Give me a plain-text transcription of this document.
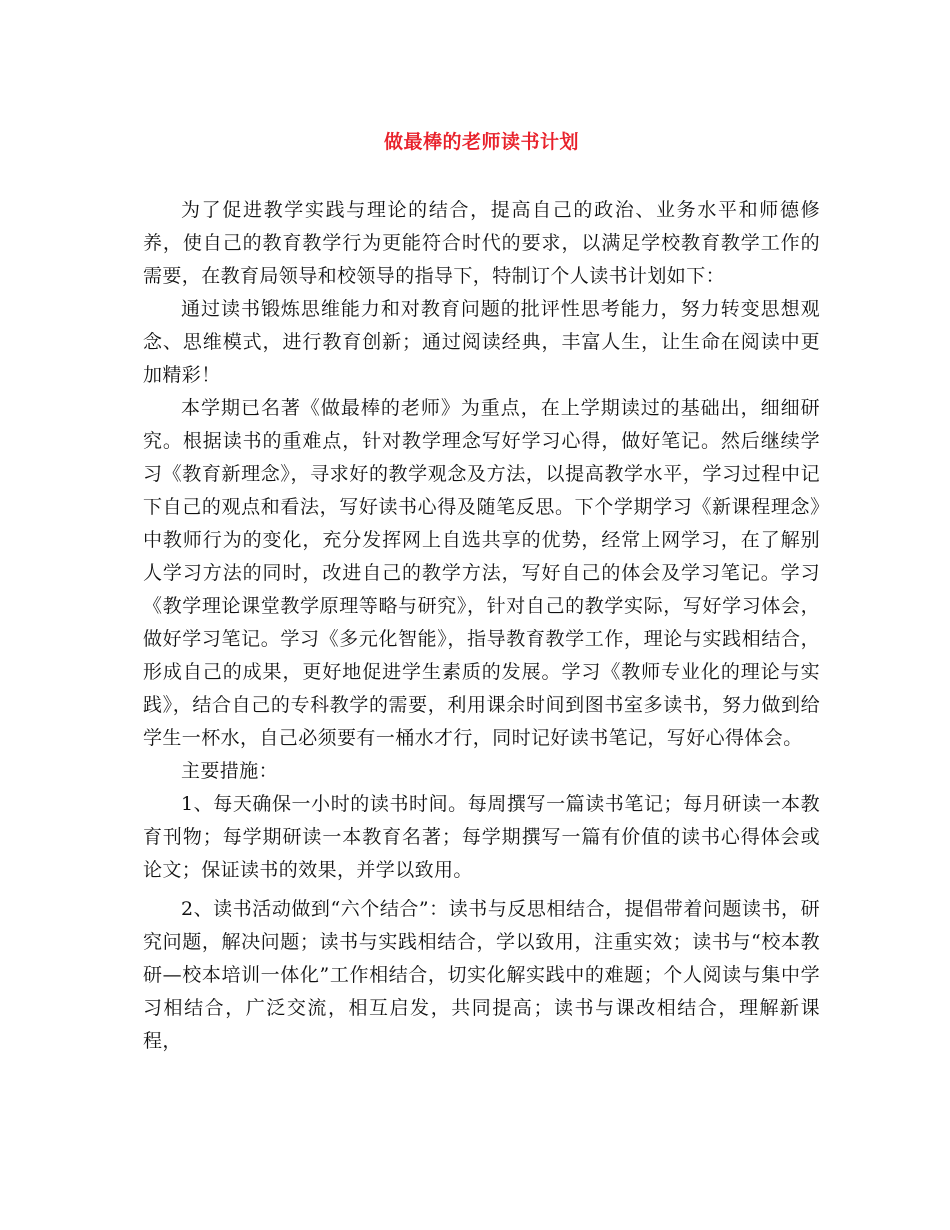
做最棒的老师读书计划

为了促进教学实践与理论的结合，提高自己的政治、业务水平和师德修养，使自己的教育教学行为更能符合时代的要求，以满足学校教育教学工作的需要，在教育局领导和校领导的指导下，特制订个人读书计划如下：

通过读书锻炼思维能力和对教育问题的批评性思考能力，努力转变思想观念、思维模式，进行教育创新；通过阅读经典，丰富人生，让生命在阅读中更加精彩！

本学期已名著《做最棒的老师》为重点，在上学期读过的基础出，细细研究。根据读书的重难点，针对教学理念写好学习心得，做好笔记。然后继续学习《教育新理念》，寻求好的教学观念及方法，以提高教学水平，学习过程中记下自己的观点和看法，写好读书心得及随笔反思。下个学期学习《新课程理念》中教师行为的变化，充分发挥网上自选共享的优势，经常上网学习，在了解别人学习方法的同时，改进自己的教学方法，写好自己的体会及学习笔记。学习《教学理论课堂教学原理等略与研究》，针对自己的教学实际，写好学习体会，做好学习笔记。学习《多元化智能》，指导教育教学工作，理论与实践相结合，形成自己的成果，更好地促进学生素质的发展。学习《教师专业化的理论与实践》，结合自己的专科教学的需要，利用课余时间到图书室多读书，努力做到给学生一杯水，自己必须要有一桶水才行，同时记好读书笔记，写好心得体会。

主要措施：

1、每天确保一小时的读书时间。每周撰写一篇读书笔记；每月研读一本教育刊物；每学期研读一本教育名著；每学期撰写一篇有价值的读书心得体会或论文；保证读书的效果，并学以致用。

2、读书活动做到“六个结合”：读书与反思相结合，提倡带着问题读书，研究问题，解决问题；读书与实践相结合，学以致用，注重实效；读书与“校本教研—校本培训一体化”工作相结合，切实化解实践中的难题；个人阅读与集中学习相结合，广泛交流，相互启发，共同提高；读书与课改相结合，理解新课程，
